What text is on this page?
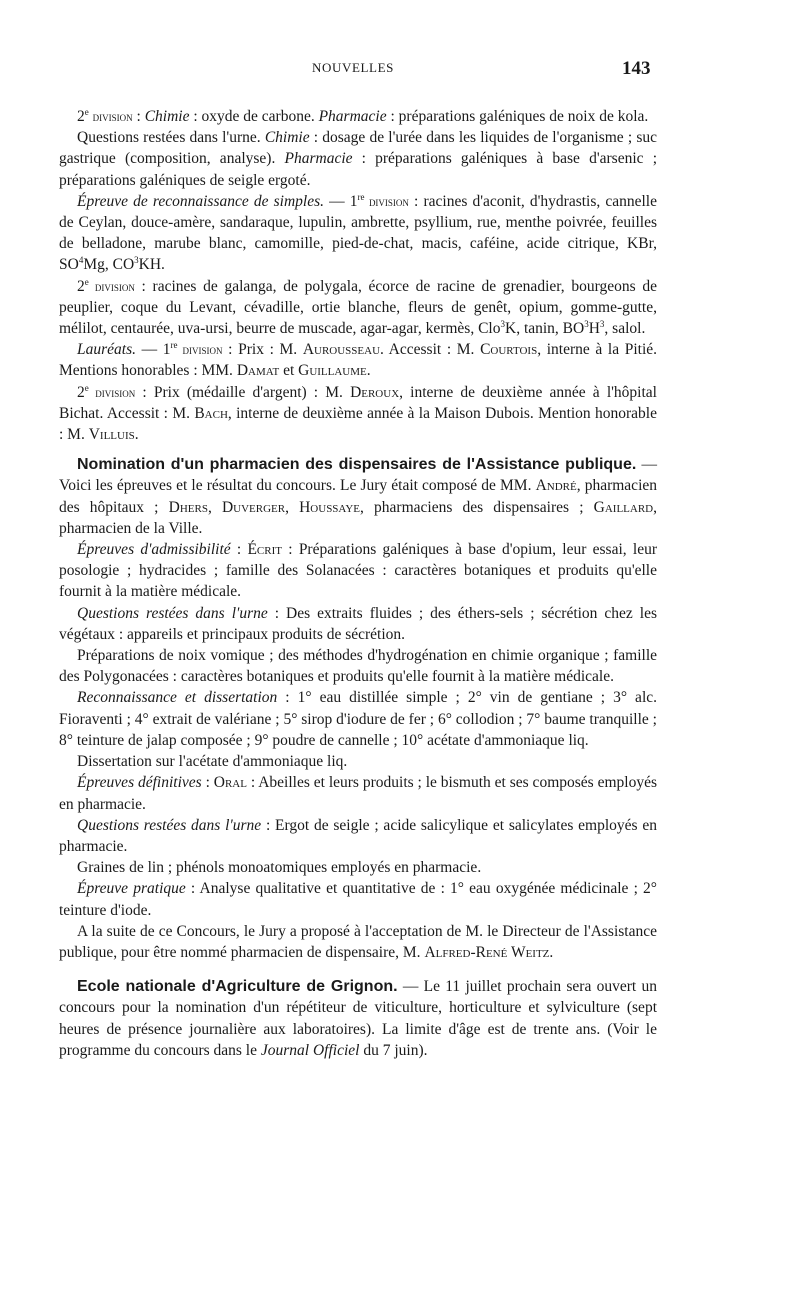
NOUVELLES	143

2e division : Chimie : oxyde de carbone. Pharmacie : préparations galéniques de noix de kola.

Questions restées dans l'urne. Chimie : dosage de l'urée dans les liquides de l'organisme ; suc gastrique (composition, analyse). Pharmacie : préparations galéniques à base d'arsenic ; préparations galéniques de seigle ergoté.

Épreuve de reconnaissance de simples. — 1re division : racines d'aconit, d'hydrastis, cannelle de Ceylan, douce-amère, sandaraque, lupulin, ambrette, psyllium, rue, menthe poivrée, feuilles de belladone, marube blanc, camomille, pied-de-chat, macis, caféine, acide citrique, KBr, $SO^4Mg$, $CO^3KH$.

2e division : racines de galanga, de polygala, écorce de racine de grenadier, bourgeons de peuplier, coque du Levant, cévadille, ortie blanche, fleurs de genêt, opium, gomme-gutte, mélilot, centaurée, uva-ursi, beurre de muscade, agar-agar, kermès, Clo$^3$K, tanin, $BO^3H^3$, salol.

Lauréats. — 1re division : Prix : M. Aurousseau. Accessit : M. Courtois, interne à la Pitié. Mentions honorables : MM. Damat et Guillaume.

2e division : Prix (médaille d'argent) : M. Deroux, interne de deuxième année à l'hôpital Bichat. Accessit : M. Bach, interne de deuxième année à la Maison Dubois. Mention honorable : M. Villuis.

Nomination d'un pharmacien des dispensaires de l'Assistance publique. — Voici les épreuves et le résultat du concours. Le Jury était composé de MM. André, pharmacien des hôpitaux ; Dhers, Duverger, Houssaye, pharmaciens des dispensaires ; Gaillard, pharmacien de la Ville.

Épreuves d'admissibilité : Écrit : Préparations galéniques à base d'opium, leur essai, leur posologie ; hydracides ; famille des Solanacées : caractères botaniques et produits qu'elle fournit à la matière médicale.

Questions restées dans l'urne : Des extraits fluides ; des éthers-sels ; sécrétion chez les végétaux : appareils et principaux produits de sécrétion.

Préparations de noix vomique ; des méthodes d'hydrogénation en chimie organique ; famille des Polygonacées : caractères botaniques et produits qu'elle fournit à la matière médicale.

Reconnaissance et dissertation : 1° eau distillée simple ; 2° vin de gentiane ; 3° alc. Fioraventi ; 4° extrait de valériane ; 5° sirop d'iodure de fer ; 6° collodion ; 7° baume tranquille ; 8° teinture de jalap composée ; 9° poudre de cannelle ; 10° acétate d'ammoniaque liq.

Dissertation sur l'acétate d'ammoniaque liq.

Épreuves définitives : Oral : Abeilles et leurs produits ; le bismuth et ses composés employés en pharmacie.

Questions restées dans l'urne : Ergot de seigle ; acide salicylique et salicylates employés en pharmacie.

Graines de lin ; phénols monoatomiques employés en pharmacie.

Épreuve pratique : Analyse qualitative et quantitative de : 1° eau oxygénée médicinale ; 2° teinture d'iode.

A la suite de ce Concours, le Jury a proposé à l'acceptation de M. le Directeur de l'Assistance publique, pour être nommé pharmacien de dispensaire, M. Alfred-René Weitz.

Ecole nationale d'Agriculture de Grignon. — Le 11 juillet prochain sera ouvert un concours pour la nomination d'un répétiteur de viticulture, horticulture et sylviculture (sept heures de présence journalière aux laboratoires). La limite d'âge est de trente ans. (Voir le programme du concours dans le Journal Officiel du 7 juin).
